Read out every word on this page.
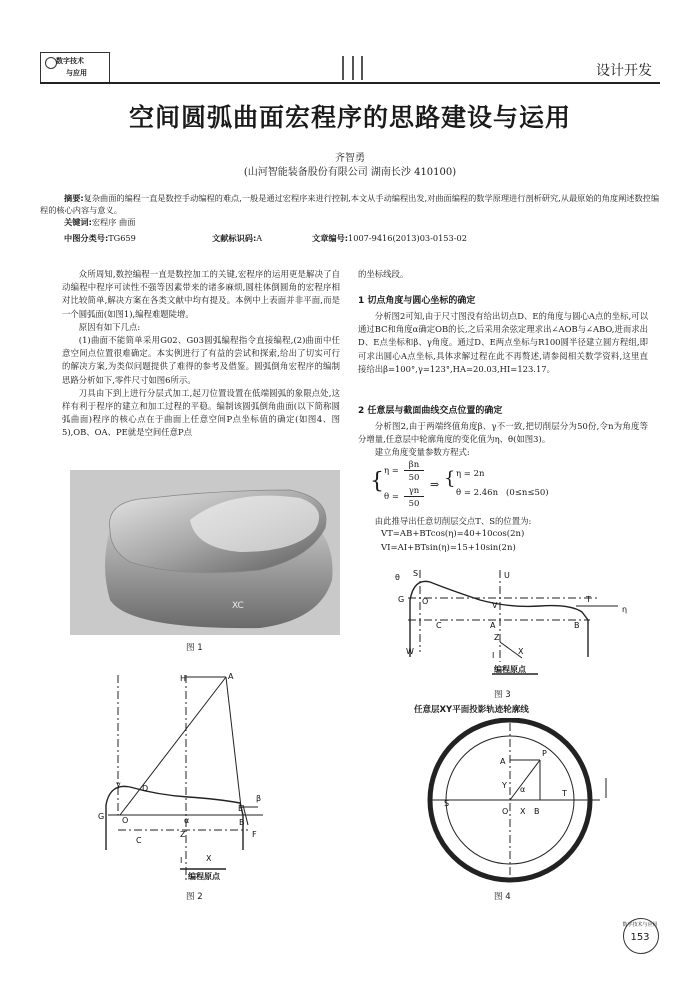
数字技术
与应用	设计开发
空间圆弧曲面宏程序的思路建设与运用
齐智勇
(山河智能装备股份有限公司 湖南长沙 410100)
摘要:复杂曲面的编程一直是数控手动编程的难点,一般是通过宏程序来进行控制,本文从手动编程出发,对曲面编程的数学原理进行剖析研究,从最原始的角度阐述数控编程的核心内容与意义。
关键词:宏程序 曲面
中图分类号:TG659	文献标识码:A	文章编号:1007-9416(2013)03-0153-02

众所周知,数控编程一直是数控加工的关键,宏程序的运用更是解决了自动编程中程序可读性不强等因素带来的诸多麻烦,圆柱体倒圆角的宏程序相对比较简单,解决方案在各类文献中均有提及。本例中上表面并非平面,而是一个圆弧面(如图1),编程难题陡增。

原因有如下几点:

(1)曲面不能简单采用G02、G03圆弧编程指令直接编程,(2)曲面中任意空间点位置很难确定。本实例进行了有益的尝试和探索,给出了切实可行的解决方案,为类似问题提供了难得的参考及借鉴。圆弧倒角宏程序的编制思路分析如下,零件尺寸如图6所示。

刀具由下到上进行分层式加工,起刀位置设置在低端圆弧的象限点处,这样有利于程序的建立和加工过程的平稳。编制该圆弧倒角曲面(以下简称圆弧曲面)程序的核心点在于曲面上任意空间P点坐标值的确定(如图4、图5),OB、OA、PE就是空间任意P点

XC
图 1
H	A
D
E
B
F
G O
C
I	X
Z
γ
β
α
编程原点
图 2

的坐标线段。

1 切点角度与圆心坐标的确定

分析图2可知,由于尺寸图没有给出切点D、E的角度与圆心A点的坐标,可以通过BC和角度α确定OB的长,之后采用余弦定理求出∠AOB与∠ABO,进而求出D、E点坐标和β、γ角度。通过D、E两点坐标与R100圆半径建立圆方程组,即可求出圆心A点坐标,具体求解过程在此不再赘述,请参阅相关数学资料,这里直接给出β=100°,γ=123°,HA=20.03,HI=123.17。

2 任意层与截面曲线交点位置的确定

分析图2,由于两端终值角度β、γ不一致,把切削层分为50份,令n为角度等分增量,任意层中轮廓角度的变化值为η、θ(如图3)。

建立角度变量参数方程式:

{ η =
βn
50
θ =
γn
50
⇒ { η = 2n
θ = 2.46n (0≤n≤50)

由此推导出任意切削层交点T、S的位置为:

VT=AB+BTcos(η)=40+10cos(2n)
VI=AI+BTsin(η)=15+10sin(2n)
S	U
G O
θ
η
V
T
C	A	B
Z
I	X
W
编程原点
图 3
任意层XY平面投影轨迹轮廓线
A
P
Y
S
O X B
T
α
图 4
数字技术与应用
153
